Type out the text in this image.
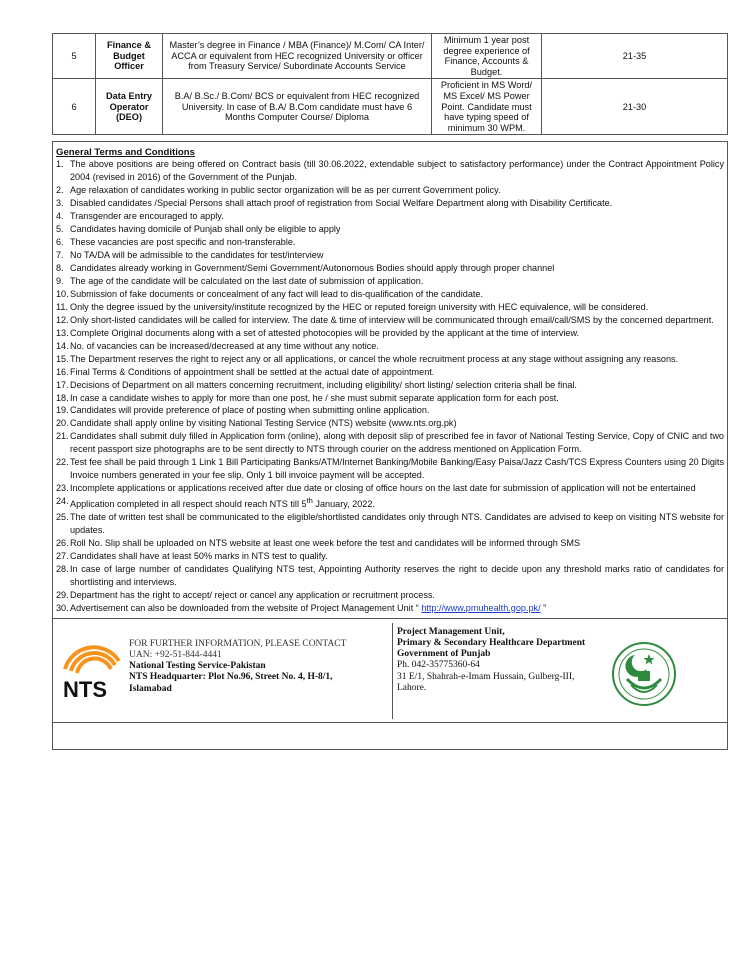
5	Finance & Budget Officer	Master’s degree in Finance / MBA (Finance)/ M.Com/ CA Inter/ ACCA or equivalent from HEC recognized University or officer from Treasury Service/ Subordinate Accounts Service	Minimum 1 year post degree experience of Finance, Accounts & Budget.	21-35
6	Data Entry Operator (DEO)	B.A/ B.Sc./ B.Com/ BCS or equivalent from HEC recognized University. In case of B.A/ B.Com candidate must have 6 Months Computer Course/ Diploma	Proficient in MS Word/ MS Excel/ MS Power Point. Candidate must have typing speed of minimum 30 WPM.	21-30
General Terms and Conditions
1. The above positions are being offered on Contract basis (till 30.06.2022, extendable subject to satisfactory performance) under the Contract Appointment Policy 2004 (revised in 2016) of the Government of the Punjab.
2. Age relaxation of candidates working in public sector organization will be as per current Government policy.
3. Disabled candidates /Special Persons shall attach proof of registration from Social Welfare Department along with Disability Certificate.
4. Transgender are encouraged to apply.
5. Candidates having domicile of Punjab shall only be eligible to apply
6. These vacancies are post specific and non-transferable.
7. No TA/DA will be admissible to the candidates for test/interview
8. Candidates already working in Government/Semi Government/Autonomous Bodies should apply through proper channel
9. The age of the candidate will be calculated on the last date of submission of application.
10. Submission of fake documents or concealment of any fact will lead to dis-qualification of the candidate.
11. Only the degree issued by the university/institute recognized by the HEC or reputed foreign university with HEC equivalence, will be considered.
12. Only short-listed candidates will be called for interview. The date & time of interview will be communicated through email/call/SMS by the concerned department.
13. Complete Original documents along with a set of attested photocopies will be provided by the applicant at the time of interview.
14. No. of vacancies can be increased/decreased at any time without any notice.
15. The Department reserves the right to reject any or all applications, or cancel the whole recruitment process at any stage without assigning any reasons.
16. Final Terms & Conditions of appointment shall be settled at the actual date of appointment.
17. Decisions of Department on all matters concerning recruitment, including eligibility/ short listing/ selection criteria shall be final.
18. In case a candidate wishes to apply for more than one post, he / she must submit separate application form for each post.
19. Candidates will provide preference of place of posting when submitting online application.
20. Candidate shall apply online by visiting National Testing Service (NTS) website (www.nts.org.pk)
21. Candidates shall submit duly filled in Application form (online), along with deposit slip of prescribed fee in favor of National Testing Service, Copy of CNIC and two recent passport size photographs are to be sent directly to NTS through courier on the address mentioned on Application Form.
22. Test fee shall be paid through 1 Link 1 Bill Participating Banks/ATM/Internet Banking/Mobile Banking/Easy Paisa/Jazz Cash/TCS Express Counters using 20 Digits Invoice numbers generated in your fee slip. Only 1 bill invoice payment will be accepted.
23. Incomplete applications or applications received after due date or closing of office hours on the last date for submission of application will not be entertained
24. Application completed in all respect should reach NTS till 5th January, 2022.
25. The date of written test shall be communicated to the eligible/shortlisted candidates only through NTS. Candidates are advised to keep on visiting NTS website for updates.
26. Roll No. Slip shall be uploaded on NTS website at least one week before the test and candidates will be informed through SMS
27. Candidates shall have at least 50% marks in NTS test to qualify.
28. In case of large number of candidates Qualifying NTS test, Appointing Authority reserves the right to decide upon any threshold marks ratio of candidates for shortlisting and interviews.
29. Department has the right to accept/ reject or cancel any application or recruitment process.
30. Advertisement can also be downloaded from the website of Project Management Unit “ http://www.pmuhealth.gop.pk/ ”
NTS
FOR FURTHER INFORMATION, PLEASE CONTACT
UAN: +92-51-844-4441
National Testing Service-Pakistan
NTS Headquarter: Plot No.96, Street No. 4, H-8/1,
Islamabad
Project Management Unit,
Primary & Secondary Healthcare Department
Government of Punjab
Ph. 042-35775360-64
31 E/1, Shahrah-e-Imam Hussain, Gulberg-III,
Lahore.
